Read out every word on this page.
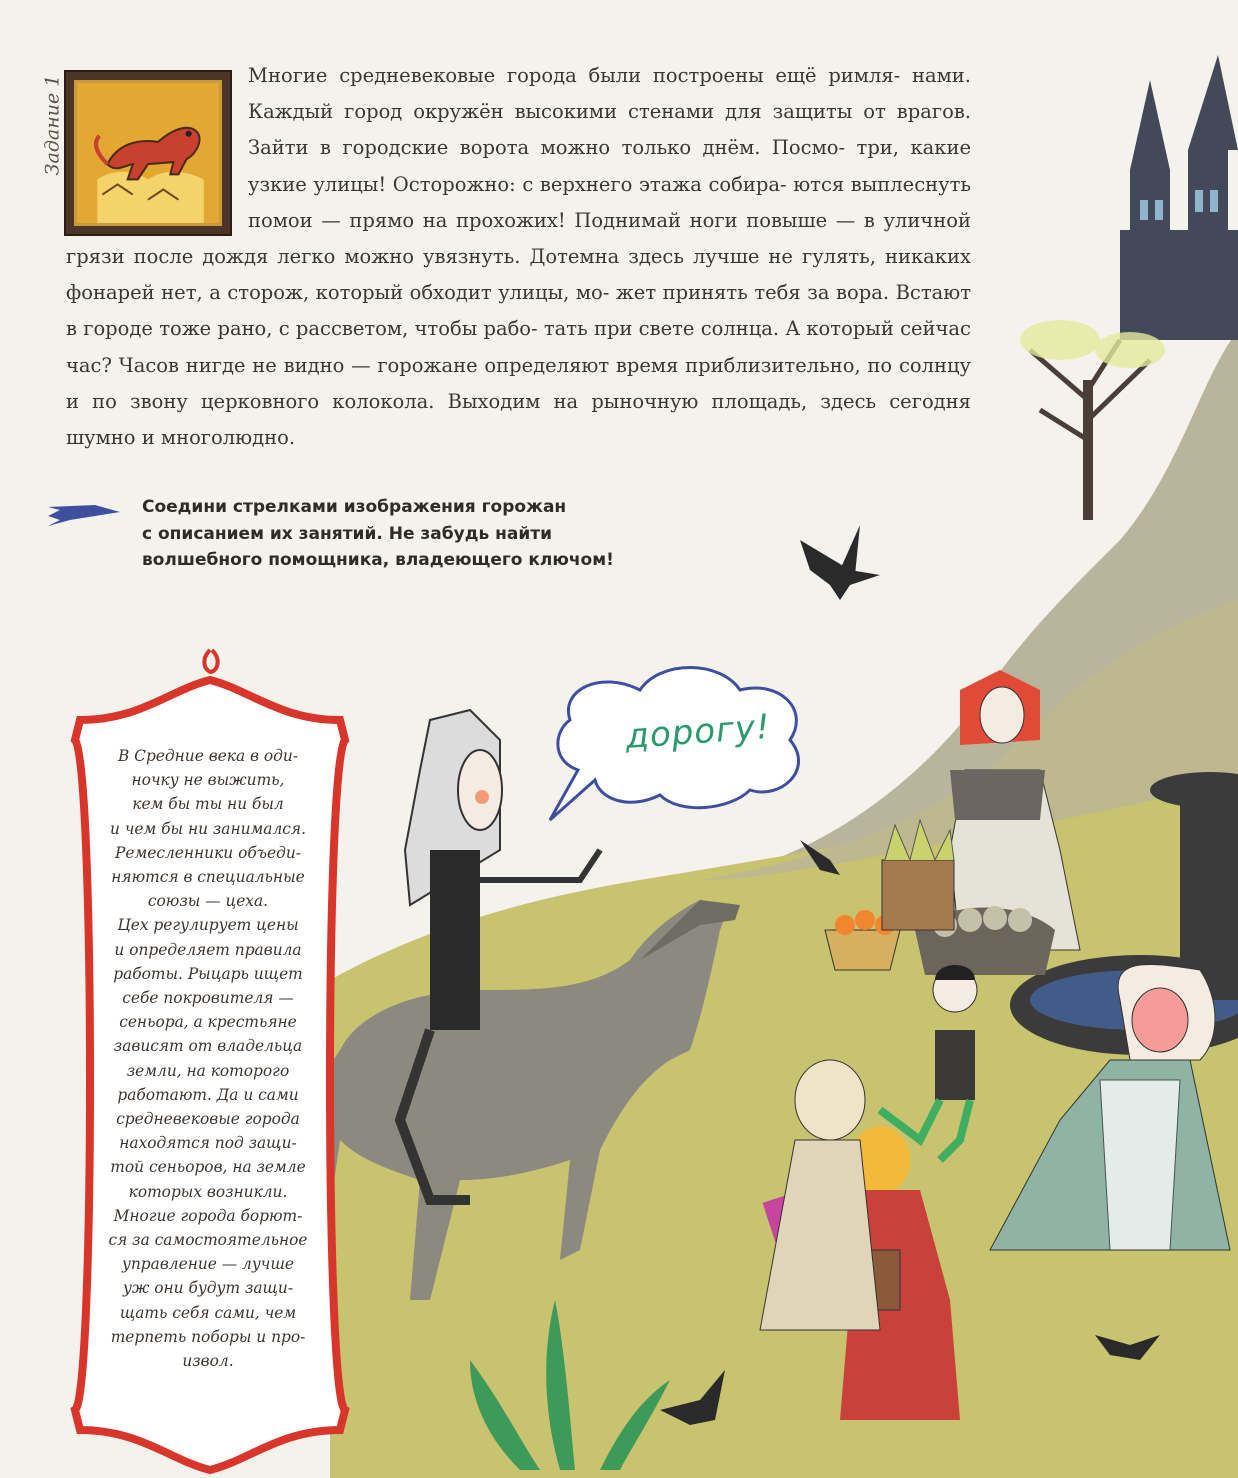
Задание 1	Многие средневековые города были построены ещё римля- нами. Каждый город окружён высокими стенами для защиты от врагов. Зайти в городские ворота можно только днём. Посмо- три, какие узкие улицы! Осторожно: с верхнего этажа собира- ются выплеснуть помои — прямо на прохожих! Поднимай ноги повыше — в уличной грязи после дождя легко можно увязнуть. Дотемна здесь лучше не гулять, никаких фонарей нет, а сторож, который обходит улицы, мо- жет принять тебя за вора. Встают в городе тоже рано, с рассветом, чтобы рабо- тать при свете солнца. А который сейчас час? Часов нигде не видно — горожане определяют время приблизительно, по солнцу и по звону церковного колокола. Выходим на рыночную площадь, здесь сегодня шумно и многолюдно.

Соедини стрелками изображения горожан
с описанием их занятий. Не забудь найти
волшебного помощника, владеющего ключом!

дорогу!

В Средние века в оди-
ночку не выжить,
кем бы ты ни был
и чем бы ни занимался.
Ремесленники объеди-
няются в специальные
союзы — цеха.
Цех регулирует цены
и определяет правила
работы. Рыцарь ищет
себе покровителя —
сеньора, а крестьяне
зависят от владельца
земли, на которого
работают. Да и сами
средневековые города
находятся под защи-
той сеньоров, на земле
которых возникли.
Многие города борют-
ся за самостоятельное
управление — лучше
уж они будут защи-
щать себя сами, чем
терпеть поборы и про-
извол.
